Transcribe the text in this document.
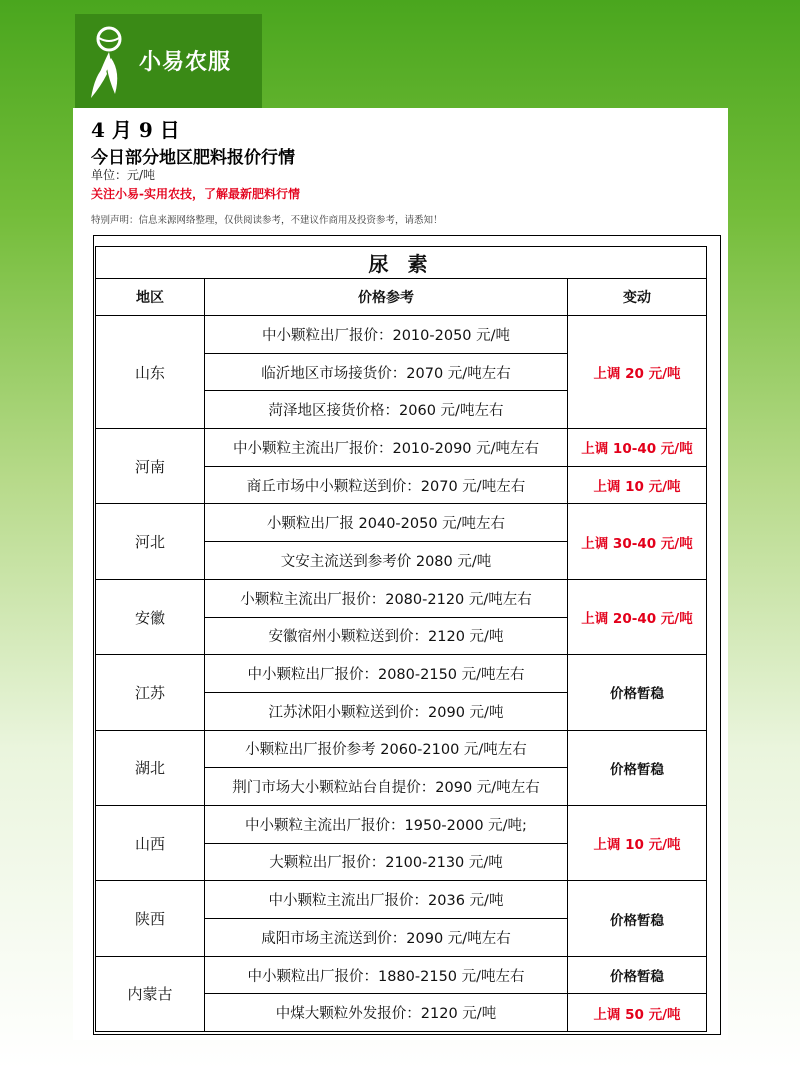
小易农服
4 月 9 日
今日部分地区肥料报价行情
单位：元/吨
关注小易-实用农技，了解最新肥料行情
特别声明：信息来源网络整理，仅供阅读参考，不建议作商用及投资参考，请悉知！
尿 素		
地区	价格参考	变动
山东	中小颗粒出厂报价：2010-2050 元/吨	上调 20 元/吨
	临沂地区市场接货价：2070 元/吨左右	
	菏泽地区接货价格：2060 元/吨左右	
河南	中小颗粒主流出厂报价：2010-2090 元/吨左右	上调 10-40 元/吨
	商丘市场中小颗粒送到价：2070 元/吨左右	上调 10 元/吨
河北	小颗粒出厂报 2040-2050 元/吨左右	上调 30-40 元/吨
	文安主流送到参考价 2080 元/吨	
安徽	小颗粒主流出厂报价：2080-2120 元/吨左右	上调 20-40 元/吨
	安徽宿州小颗粒送到价：2120 元/吨	
江苏	中小颗粒出厂报价：2080-2150 元/吨左右	价格暂稳
	江苏沭阳小颗粒送到价：2090 元/吨	
湖北	小颗粒出厂报价参考 2060-2100 元/吨左右	价格暂稳
	荆门市场大小颗粒站台自提价：2090 元/吨左右	
山西	中小颗粒主流出厂报价：1950-2000 元/吨;	上调 10 元/吨
	大颗粒出厂报价：2100-2130 元/吨	
陕西	中小颗粒主流出厂报价：2036 元/吨	价格暂稳
	咸阳市场主流送到价：2090 元/吨左右	
内蒙古	中小颗粒出厂报价：1880-2150 元/吨左右	价格暂稳
	中煤大颗粒外发报价：2120 元/吨	上调 50 元/吨
